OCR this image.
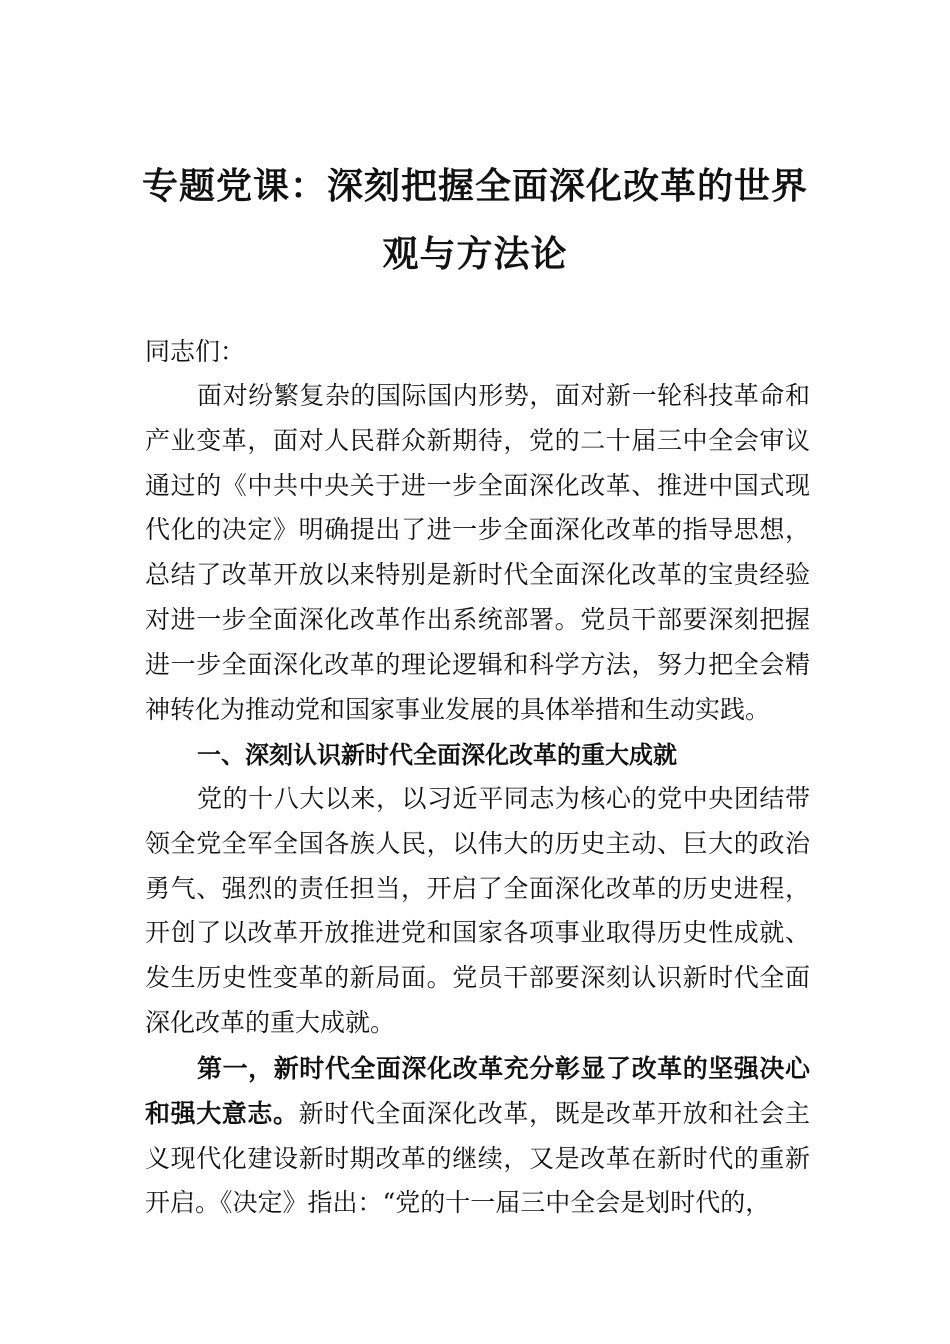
专题党课：深刻把握全面深化改革的世界
观与方法论

同志们：

面对纷繁复杂的国际国内形势，面对新一轮科技革命和产业变革，面对人民群众新期待，党的二十届三中全会审议通过的《中共中央关于进一步全面深化改革、推进中国式现代化的决定》明确提出了进一步全面深化改革的指导思想，总结了改革开放以来特别是新时代全面深化改革的宝贵经验对进一步全面深化改革作出系统部署。党员干部要深刻把握进一步全面深化改革的理论逻辑和科学方法，努力把全会精神转化为推动党和国家事业发展的具体举措和生动实践。

一、深刻认识新时代全面深化改革的重大成就

党的十八大以来，以习近平同志为核心的党中央团结带领全党全军全国各族人民，以伟大的历史主动、巨大的政治勇气、强烈的责任担当，开启了全面深化改革的历史进程，开创了以改革开放推进党和国家各项事业取得历史性成就、发生历史性变革的新局面。党员干部要深刻认识新时代全面深化改革的重大成就。

第一，新时代全面深化改革充分彰显了改革的坚强决心和强大意志。新时代全面深化改革，既是改革开放和社会主义现代化建设新时期改革的继续，又是改革在新时代的重新开启。《决定》指出：“党的十一届三中全会是划时代的，
